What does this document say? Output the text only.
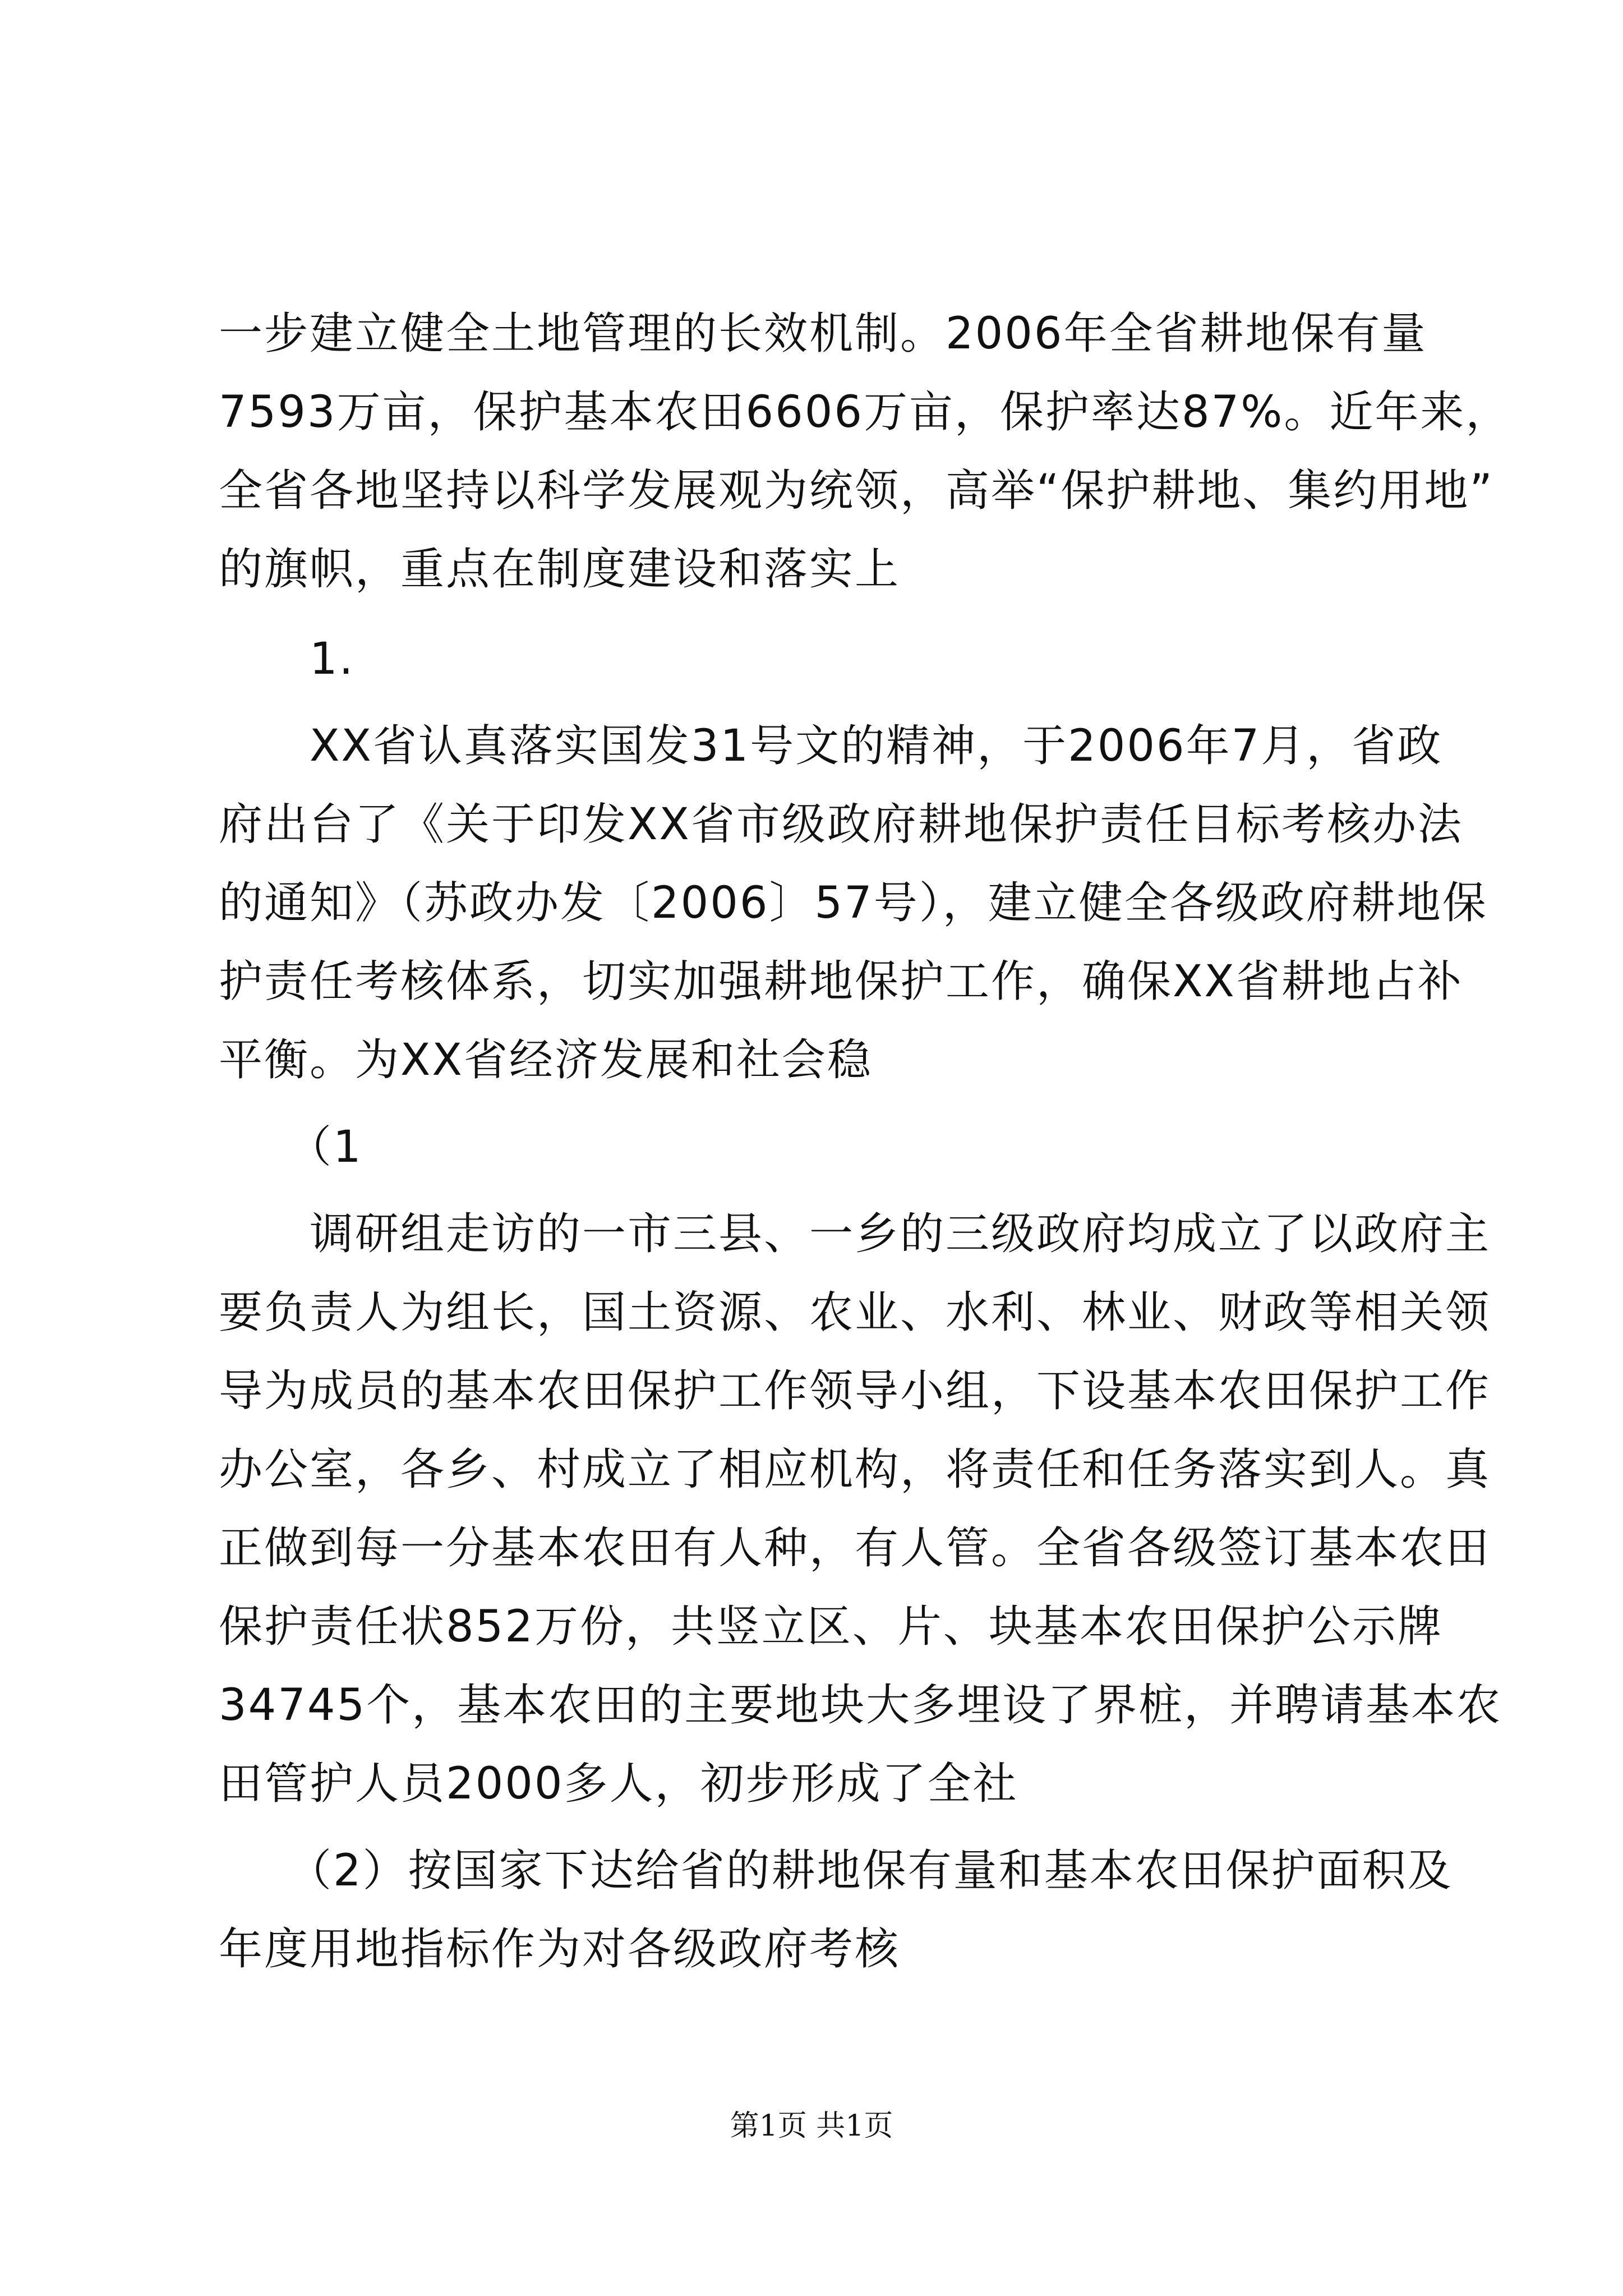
一步建立健全土地管理的长效机制。2006年全省耕地保有量
7593万亩，保护基本农田6606万亩，保护率达87%。近年来，
全省各地坚持以科学发展观为统领，高举“保护耕地、集约用地”
的旗帜，重点在制度建设和落实上
　　1.
　　XX省认真落实国发31号文的精神，于2006年7月，省政
府出台了《关于印发XX省市级政府耕地保护责任目标考核办法
的通知》（苏政办发〔2006〕57号），建立健全各级政府耕地保
护责任考核体系，切实加强耕地保护工作，确保XX省耕地占补
平衡。为XX省经济发展和社会稳
　　（1
　　调研组走访的一市三县、一乡的三级政府均成立了以政府主
要负责人为组长，国土资源、农业、水利、林业、财政等相关领
导为成员的基本农田保护工作领导小组，下设基本农田保护工作
办公室，各乡、村成立了相应机构，将责任和任务落实到人。真
正做到每一分基本农田有人种，有人管。全省各级签订基本农田
保护责任状852万份，共竖立区、片、块基本农田保护公示牌
34745个，基本农田的主要地块大多埋设了界桩，并聘请基本农
田管护人员2000多人，初步形成了全社
　　（2）按国家下达给省的耕地保有量和基本农田保护面积及
年度用地指标作为对各级政府考核
第1页 共1页
